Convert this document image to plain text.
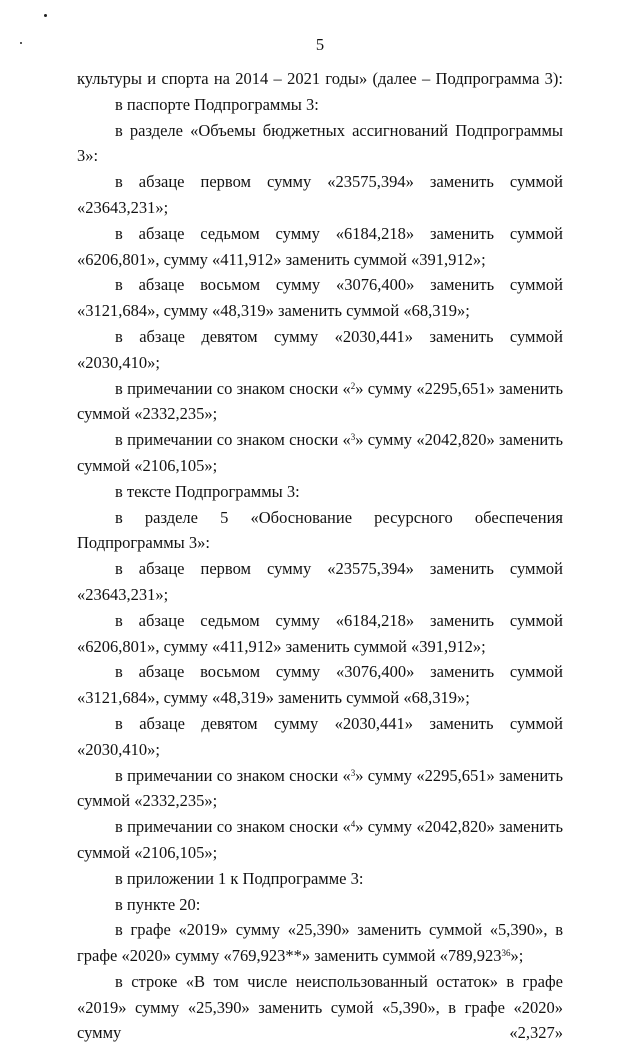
5

культуры и спорта на 2014 – 2021 годы» (далее – Подпрограмма 3):

в паспорте Подпрограммы 3:

в разделе «Объемы бюджетных ассигнований Подпрограммы 3»:

в абзаце первом сумму «23575,394» заменить суммой «23643,231»;

в абзаце седьмом сумму «6184,218» заменить суммой «6206,801», сумму «411,912» заменить суммой «391,912»;

в абзаце восьмом сумму «3076,400» заменить суммой «3121,684», сумму «48,319» заменить суммой «68,319»;

в абзаце девятом сумму «2030,441» заменить суммой «2030,410»;

в примечании со знаком сноски «$^2$» сумму «2295,651» заменить суммой «2332,235»;

в примечании со знаком сноски «$^3$» сумму «2042,820» заменить суммой «2106,105»;

в тексте Подпрограммы 3:

в разделе 5 «Обоснование ресурсного обеспечения Подпрограммы 3»:

в абзаце первом сумму «23575,394» заменить суммой «23643,231»;

в абзаце седьмом сумму «6184,218» заменить суммой «6206,801», сумму «411,912» заменить суммой «391,912»;

в абзаце восьмом сумму «3076,400» заменить суммой «3121,684», сумму «48,319» заменить суммой «68,319»;

в абзаце девятом сумму «2030,441» заменить суммой «2030,410»;

в примечании со знаком сноски «$^3$» сумму «2295,651» заменить суммой «2332,235»;

в примечании со знаком сноски «$^4$» сумму «2042,820» заменить суммой «2106,105»;

в приложении 1 к Подпрограмме 3:

в пункте 20:

в графе «2019» сумму «25,390» заменить суммой «5,390», в графе «2020» сумму «769,923**» заменить суммой «789,923$^{36}$»;

в строке «В том числе неиспользованный остаток» в графе «2019» сумму «25,390» заменить сумой «5,390», в графе «2020» сумму «2,327»
